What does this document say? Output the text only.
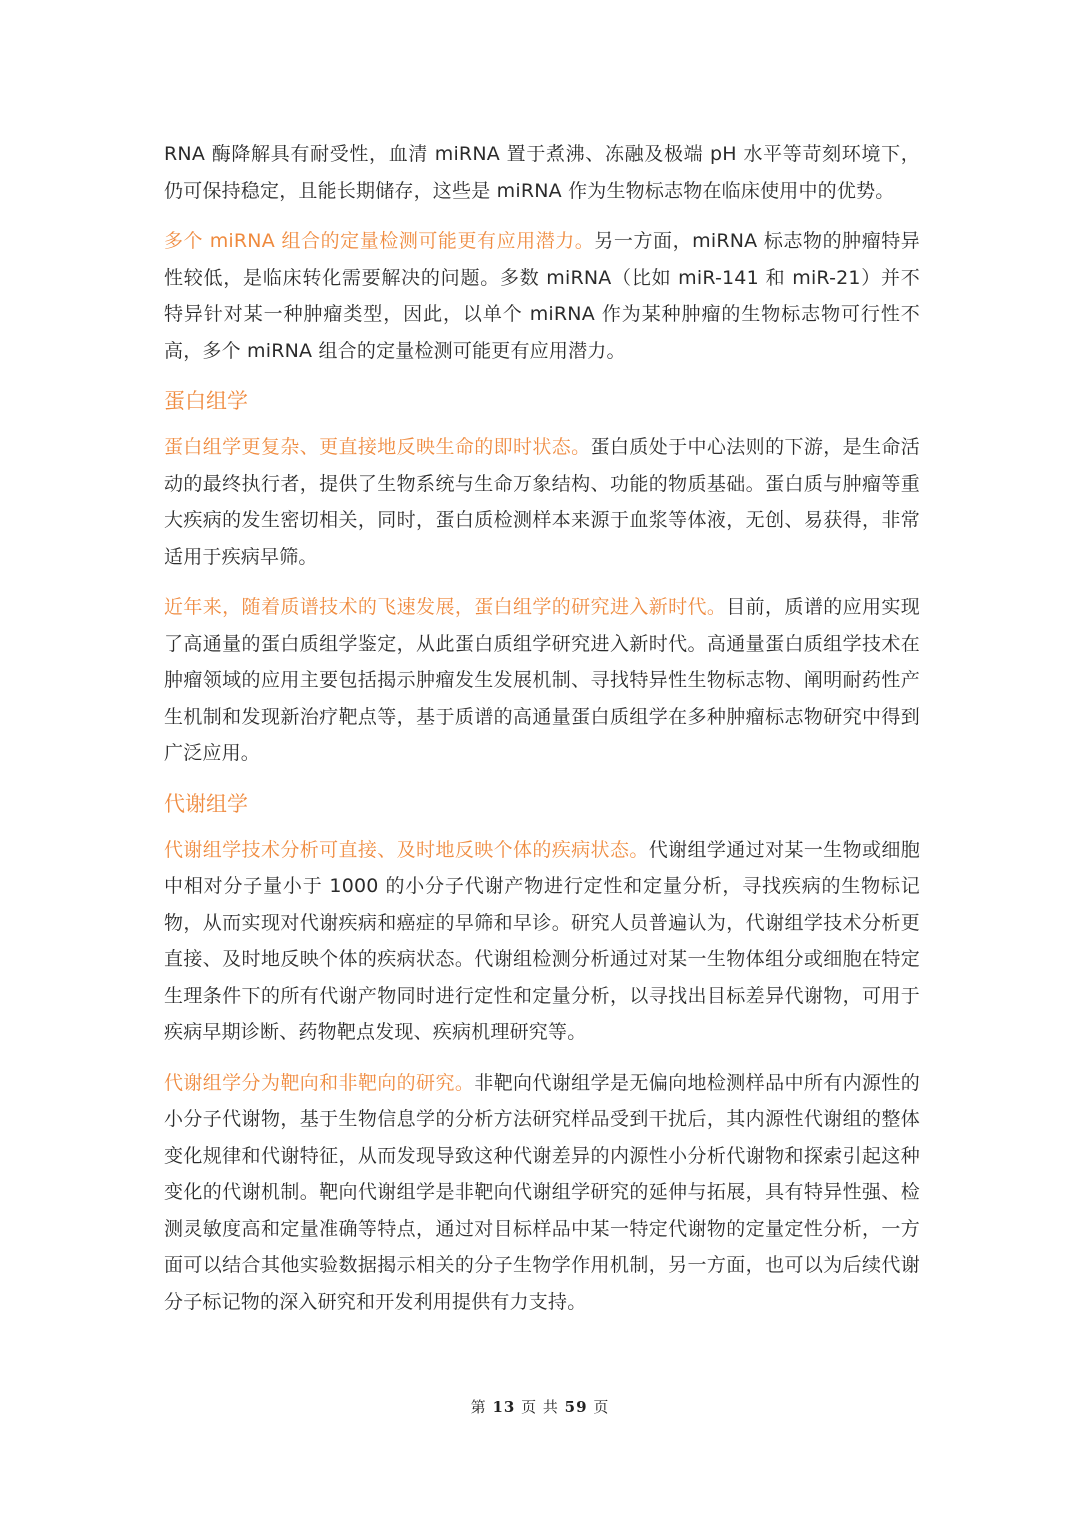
RNA 酶降解具有耐受性，血清 miRNA 置于煮沸、冻融及极端 pH 水平等苛刻环境下，仍可保持稳定，且能长期储存，这些是 miRNA 作为生物标志物在临床使用中的优势。

多个 miRNA 组合的定量检测可能更有应用潜力。另一方面，miRNA 标志物的肿瘤特异性较低，是临床转化需要解决的问题。多数 miRNA（比如 miR-141 和 miR-21）并不特异针对某一种肿瘤类型，因此，以单个 miRNA 作为某种肿瘤的生物标志物可行性不高，多个 miRNA 组合的定量检测可能更有应用潜力。

蛋白组学

蛋白组学更复杂、更直接地反映生命的即时状态。蛋白质处于中心法则的下游，是生命活动的最终执行者，提供了生物系统与生命万象结构、功能的物质基础。蛋白质与肿瘤等重大疾病的发生密切相关，同时，蛋白质检测样本来源于血浆等体液，无创、易获得，非常适用于疾病早筛。

近年来，随着质谱技术的飞速发展，蛋白组学的研究进入新时代。目前，质谱的应用实现了高通量的蛋白质组学鉴定，从此蛋白质组学研究进入新时代。高通量蛋白质组学技术在肿瘤领域的应用主要包括揭示肿瘤发生发展机制、寻找特异性生物标志物、阐明耐药性产生机制和发现新治疗靶点等，基于质谱的高通量蛋白质组学在多种肿瘤标志物研究中得到广泛应用。

代谢组学

代谢组学技术分析可直接、及时地反映个体的疾病状态。代谢组学通过对某一生物或细胞中相对分子量小于 1000 的小分子代谢产物进行定性和定量分析，寻找疾病的生物标记物，从而实现对代谢疾病和癌症的早筛和早诊。研究人员普遍认为，代谢组学技术分析更直接、及时地反映个体的疾病状态。代谢组检测分析通过对某一生物体组分或细胞在特定生理条件下的所有代谢产物同时进行定性和定量分析，以寻找出目标差异代谢物，可用于疾病早期诊断、药物靶点发现、疾病机理研究等。

代谢组学分为靶向和非靶向的研究。非靶向代谢组学是无偏向地检测样品中所有内源性的小分子代谢物，基于生物信息学的分析方法研究样品受到干扰后，其内源性代谢组的整体变化规律和代谢特征，从而发现导致这种代谢差异的内源性小分析代谢物和探索引起这种变化的代谢机制。靶向代谢组学是非靶向代谢组学研究的延伸与拓展，具有特异性强、检测灵敏度高和定量准确等特点，通过对目标样品中某一特定代谢物的定量定性分析，一方面可以结合其他实验数据揭示相关的分子生物学作用机制，另一方面，也可以为后续代谢分子标记物的深入研究和开发利用提供有力支持。

第 13 页 共 59 页
